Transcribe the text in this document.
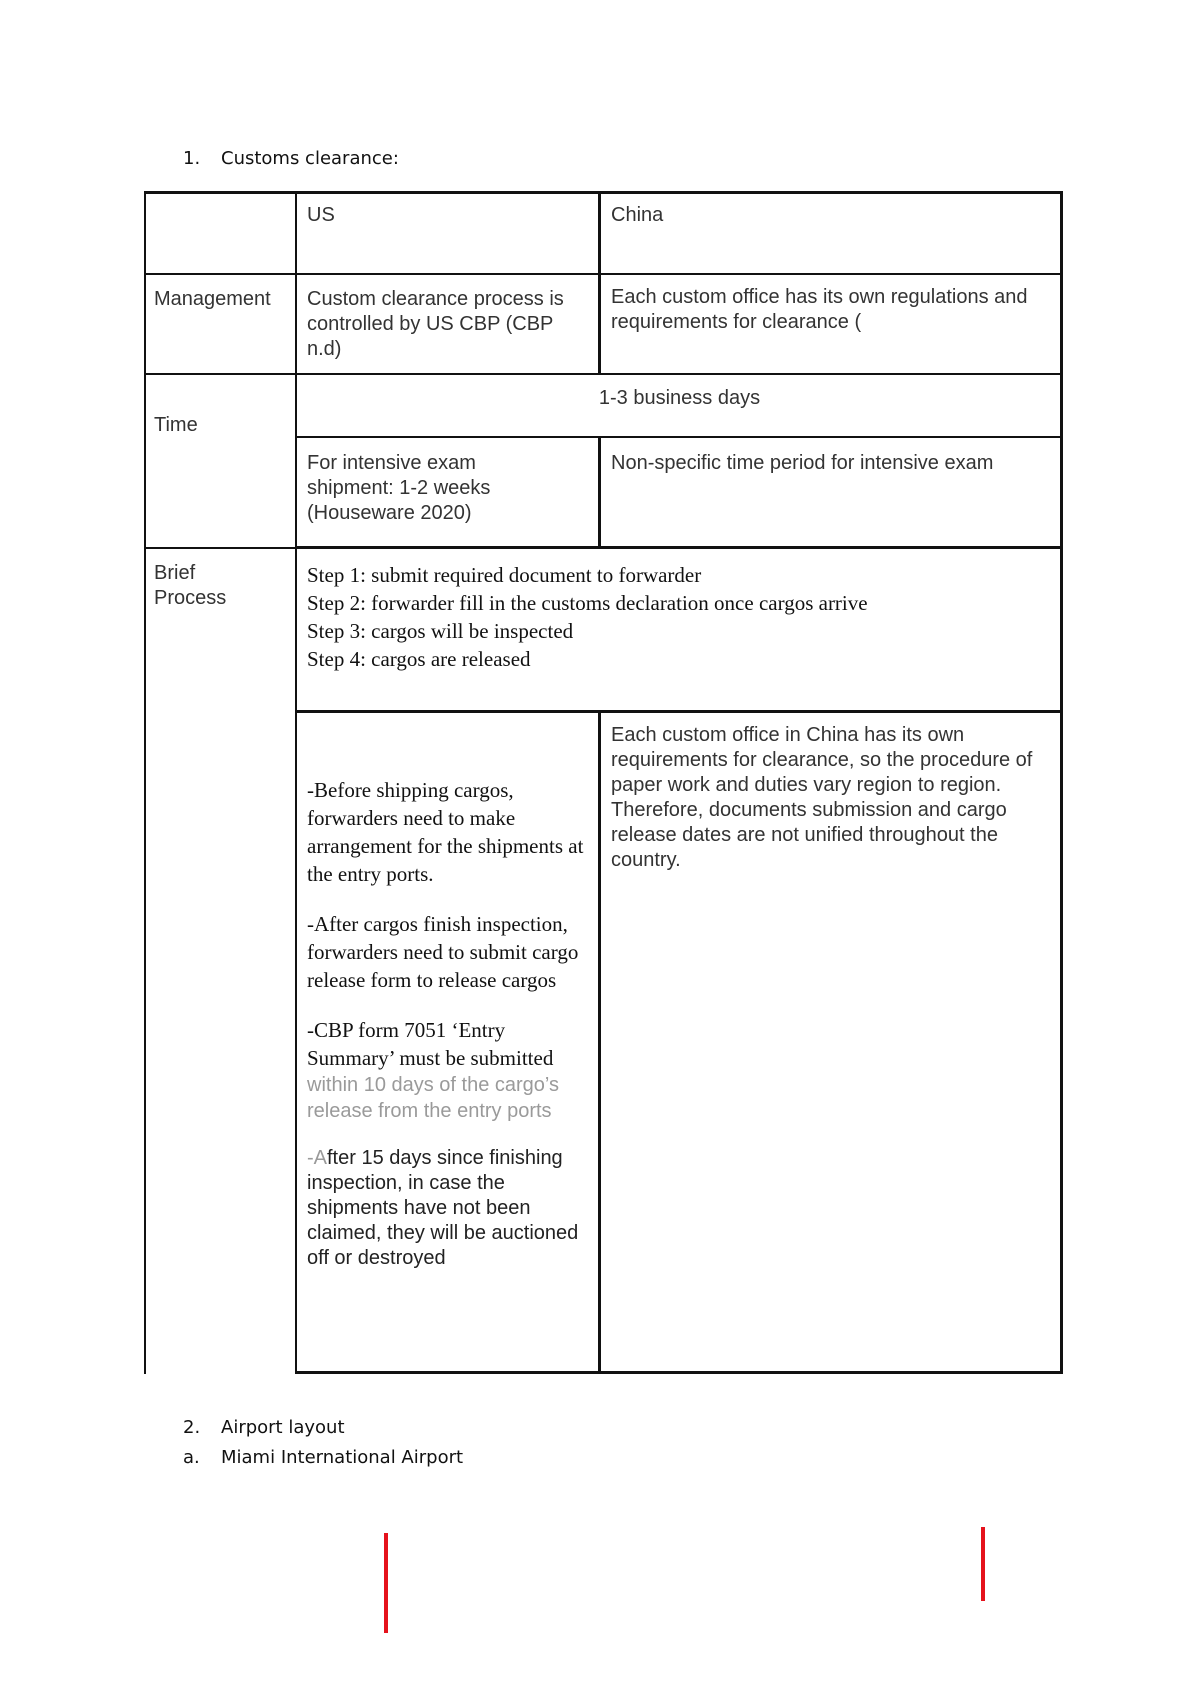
1. Customs clearance:
US	China
Management Custom clearance process is controlled by US CBP (CBP n.d)
Each custom office has its own regulations and requirements for clearance (
Time
1-3 business days
For intensive exam shipment: 1-2 weeks (Houseware 2020)
Non-specific time period for intensive exam
Brief Process
Step 1: submit required document to forwarder
Step 2: forwarder fill in the customs declaration once cargos arrive
Step 3: cargos will be inspected
Step 4: cargos are released

-Before shipping cargos, forwarders need to make arrangement for the shipments at the entry ports.

-After cargos finish inspection, forwarders need to submit cargo release form to release cargos

-CBP form 7051 ‘Entry Summary’ must be submitted within 10 days of the cargo’s release from the entry ports

-After 15 days since finishing inspection, in case the shipments have not been claimed, they will be auctioned off or destroyed

Each custom office in China has its own requirements for clearance, so the procedure of paper work and duties vary region to region. Therefore, documents submission and cargo release dates are not unified throughout the country.
2. Airport layout
a. Miami International Airport
